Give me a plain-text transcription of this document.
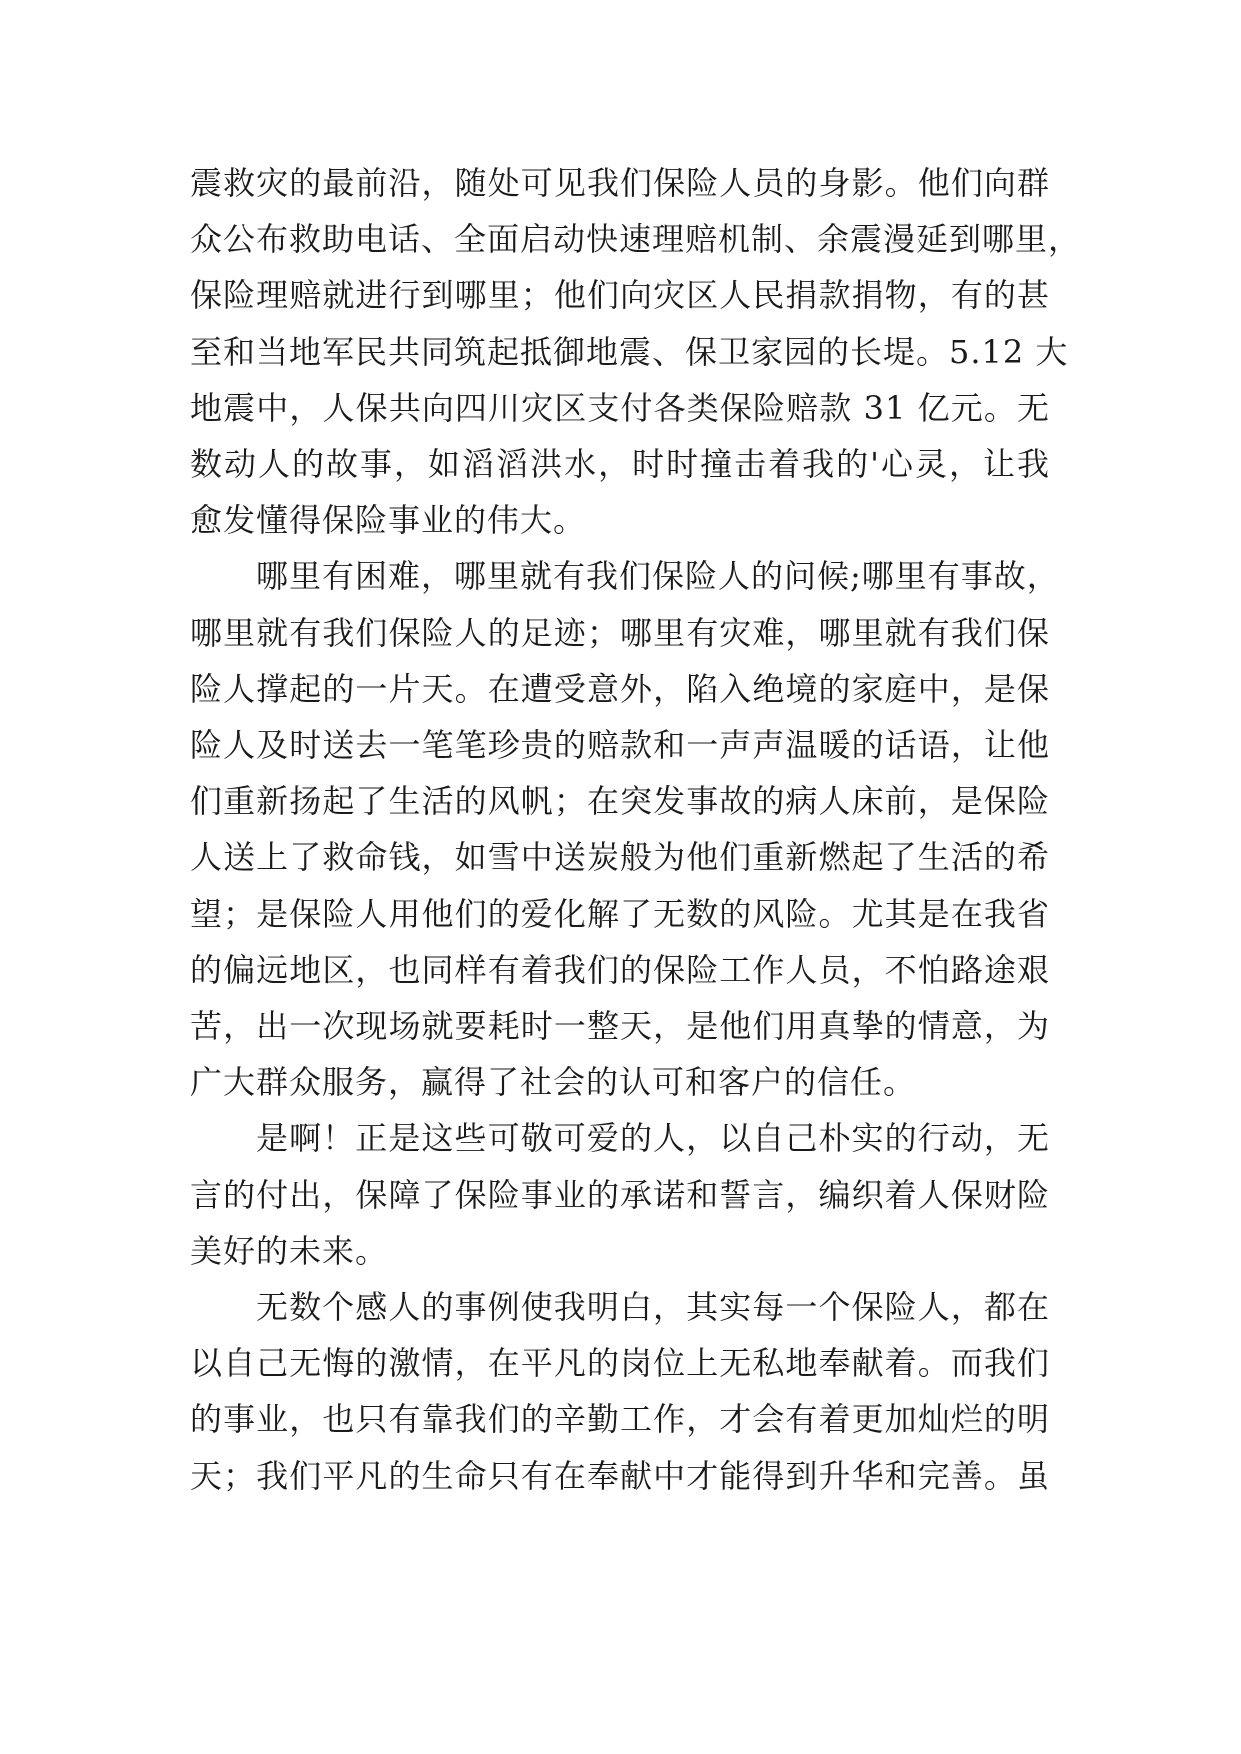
震救灾的最前沿，随处可见我们保险人员的身影。他们向群
众公布救助电话、全面启动快速理赔机制、余震漫延到哪里，
保险理赔就进行到哪里；他们向灾区人民捐款捐物，有的甚
至和当地军民共同筑起抵御地震、保卫家园的长堤。5.12 大
地震中，人保共向四川灾区支付各类保险赔款 31 亿元。无
数动人的故事，如滔滔洪水，时时撞击着我的'心灵，让我
愈发懂得保险事业的伟大。

哪里有困难，哪里就有我们保险人的问候;哪里有事故，
哪里就有我们保险人的足迹；哪里有灾难，哪里就有我们保
险人撑起的一片天。在遭受意外，陷入绝境的家庭中，是保
险人及时送去一笔笔珍贵的赔款和一声声温暖的话语，让他
们重新扬起了生活的风帆；在突发事故的病人床前，是保险
人送上了救命钱，如雪中送炭般为他们重新燃起了生活的希
望；是保险人用他们的爱化解了无数的风险。尤其是在我省
的偏远地区，也同样有着我们的保险工作人员，不怕路途艰
苦，出一次现场就要耗时一整天，是他们用真挚的情意，为
广大群众服务，赢得了社会的认可和客户的信任。

是啊！正是这些可敬可爱的人，以自己朴实的行动，无
言的付出，保障了保险事业的承诺和誓言，编织着人保财险
美好的未来。

无数个感人的事例使我明白，其实每一个保险人，都在
以自己无悔的激情，在平凡的岗位上无私地奉献着。而我们
的事业，也只有靠我们的辛勤工作，才会有着更加灿烂的明
天；我们平凡的生命只有在奉献中才能得到升华和完善。虽
